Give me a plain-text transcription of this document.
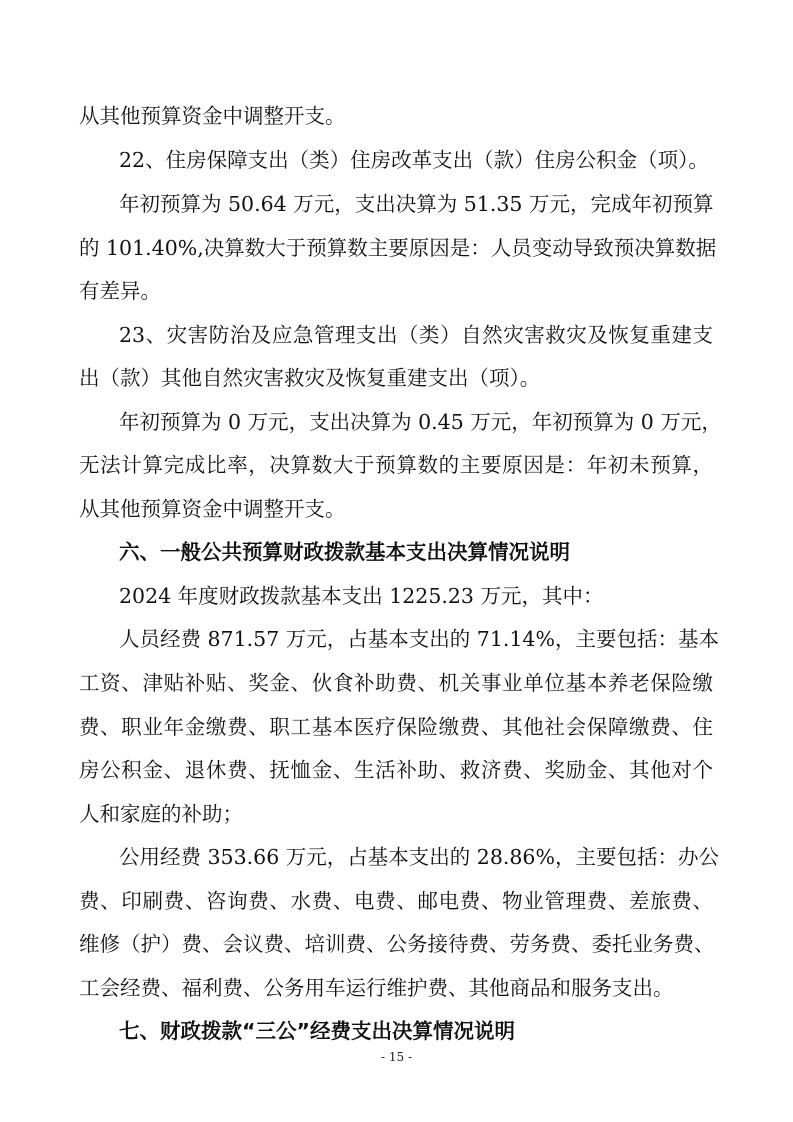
从其他预算资金中调整开支。
22、住房保障支出（类）住房改革支出（款）住房公积金（项）。
年初预算为 50.64 万元，支出决算为 51.35 万元，完成年初预算
的 101.40%,决算数大于预算数主要原因是：人员变动导致预决算数据
有差异。
23、灾害防治及应急管理支出（类）自然灾害救灾及恢复重建支
出（款）其他自然灾害救灾及恢复重建支出（项）。
年初预算为 0 万元，支出决算为 0.45 万元，年初预算为 0 万元，
无法计算完成比率，决算数大于预算数的主要原因是：年初未预算，
从其他预算资金中调整开支。
六、一般公共预算财政拨款基本支出决算情况说明
2024 年度财政拨款基本支出 1225.23 万元，其中：
人员经费 871.57 万元，占基本支出的 71.14%，主要包括：基本
工资、津贴补贴、奖金、伙食补助费、机关事业单位基本养老保险缴
费、职业年金缴费、职工基本医疗保险缴费、其他社会保障缴费、住
房公积金、退休费、抚恤金、生活补助、救济费、奖励金、其他对个
人和家庭的补助；
公用经费 353.66 万元，占基本支出的 28.86%，主要包括：办公
费、印刷费、咨询费、水费、电费、邮电费、物业管理费、差旅费、
维修（护）费、会议费、培训费、公务接待费、劳务费、委托业务费、
工会经费、福利费、公务用车运行维护费、其他商品和服务支出。
七、财政拨款“三公”经费支出决算情况说明
- 15 -
